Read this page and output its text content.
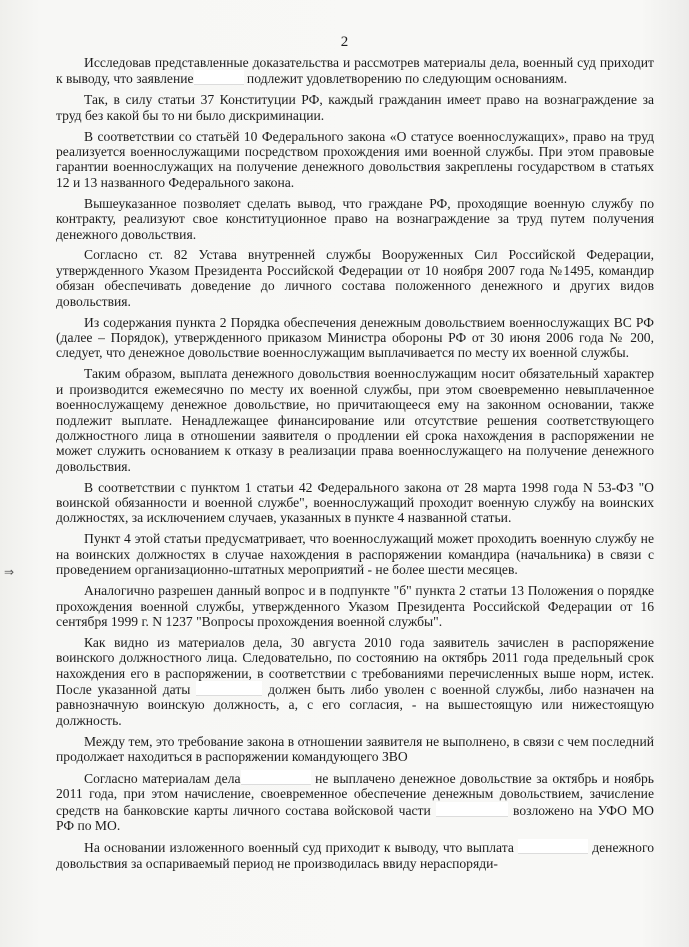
2
⇒

Исследовав представленные доказательства и рассмотрев материалы дела, военный суд приходит к выводу, что заявление	подлежит удовлетворению по следующим основаниям.

Так, в силу статьи 37 Конституции РФ, каждый гражданин имеет право на вознаграждение за труд без какой бы то ни было дискриминации.

В соответствии со статьёй 10 Федерального закона «О статусе военнослужащих», право на труд реализуется военнослужащими посредством прохождения ими военной службы. При этом правовые гарантии военнослужащих на получение денежного довольствия закреплены государством в статьях 12 и 13 названного Федерального закона.

Вышеуказанное позволяет сделать вывод, что граждане РФ, проходящие военную службу по контракту, реализуют свое конституционное право на вознаграждение за труд путем получения денежного довольствия.

Согласно ст. 82 Устава внутренней службы Вооруженных Сил Российской Федерации, утвержденного Указом Президента Российской Федерации от 10 ноября 2007 года №1495, командир обязан обеспечивать доведение до личного состава положенного денежного и других видов довольствия.

Из содержания пункта 2 Порядка обеспечения денежным довольствием военнослужащих ВС РФ (далее – Порядок), утвержденного приказом Министра обороны РФ от 30 июня 2006 года № 200, следует, что денежное довольствие военнослужащим выплачивается по месту их военной службы.

Таким образом, выплата денежного довольствия военнослужащим носит обязательный характер и производится ежемесячно по месту их военной службы, при этом своевременно невыплаченное военнослужащему денежное довольствие, но причитающееся ему на законном основании, также подлежит выплате. Ненадлежащее финансирование или отсутствие решения соответствующего должностного лица в отношении заявителя о продлении ей срока нахождения в распоряжении не может служить основанием к отказу в реализации права военнослужащего на получение денежного довольствия.

В соответствии с пунктом 1 статьи 42 Федерального закона от 28 марта 1998 года N 53-ФЗ "О воинской обязанности и военной службе", военнослужащий проходит военную службу на воинских должностях, за исключением случаев, указанных в пункте 4 названной статьи.

Пункт 4 этой статьи предусматривает, что военнослужащий может проходить военную службу не на воинских должностях в случае нахождения в распоряжении командира (начальника) в связи с проведением организационно-штатных мероприятий - не более шести месяцев.

Аналогично разрешен данный вопрос и в подпункте "б" пункта 2 статьи 13 Положения о порядке прохождения военной службы, утвержденного Указом Президента Российской Федерации от 16 сентября 1999 г. N 1237 "Вопросы прохождения военной службы".

Как видно из материалов дела, 30 августа 2010 года заявитель зачислен в распоряжение воинского должностного лица. Следовательно, по состоянию на октябрь 2011 года предельный срок нахождения его в распоряжении, в соответствии с требованиями перечисленных выше норм, истек. После указанной даты	должен быть либо уволен с военной службы, либо назначен на равнозначную воинскую должность, а, с его согласия, - на вышестоящую или нижестоящую должность.

Между тем, это требование закона в отношении заявителя не выполнено, в связи с чем последний продолжает находиться в распоряжении командующего ЗВО

Согласно материалам дела	не выплачено денежное довольствие за октябрь и ноябрь 2011 года, при этом начисление, своевременное обеспечение денежным довольствием, зачисление средств на банковские карты личного состава войсковой части	возложено на УФО МО РФ по МО.

На основании изложенного военный суд приходит к выводу, что выплата	денежного довольствия за оспариваемый период не производилась ввиду нераспоряди-
